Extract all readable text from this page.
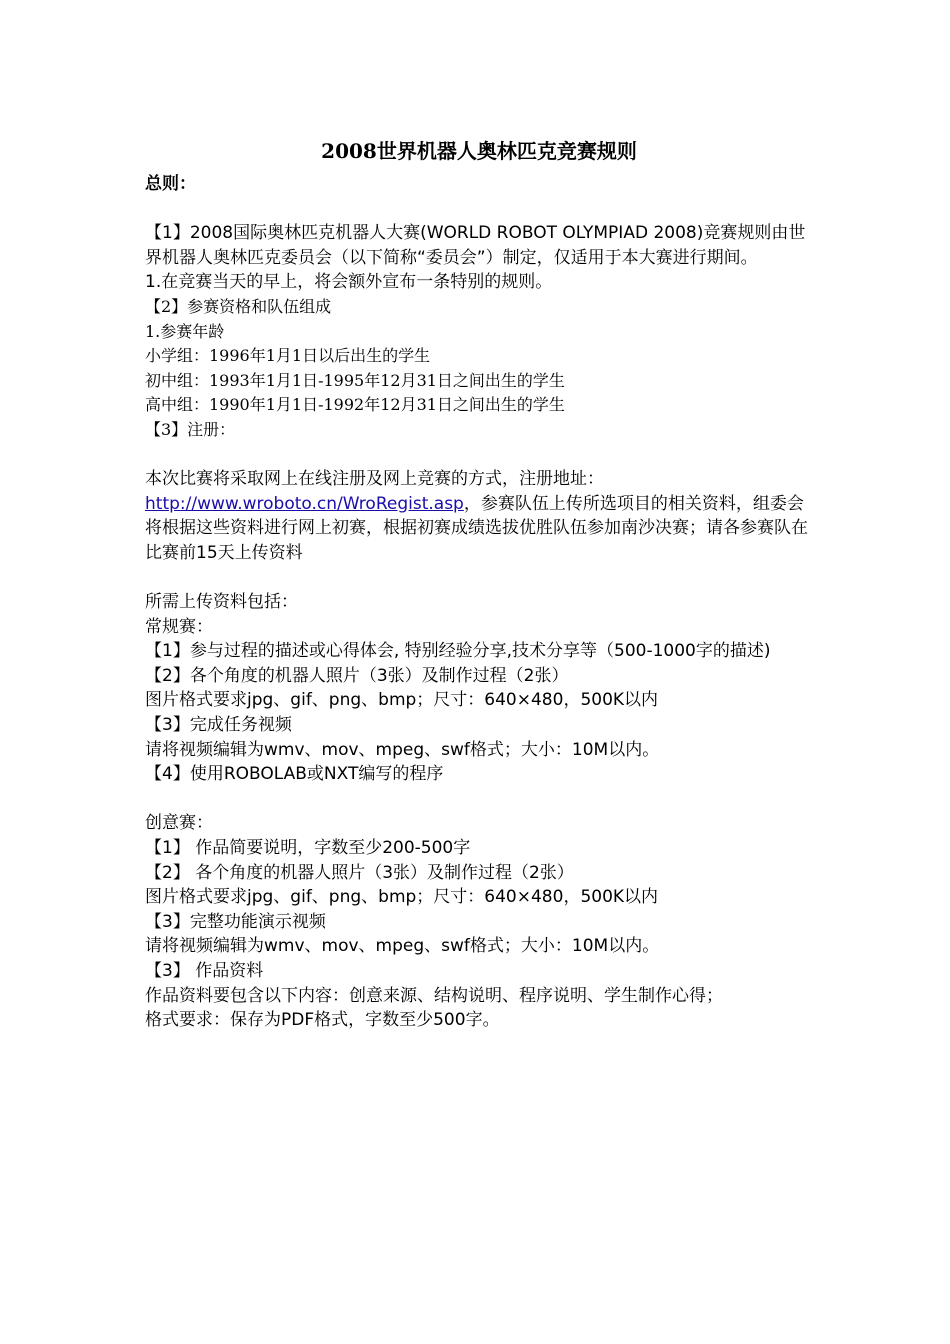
2008世界机器人奥林匹克竞赛规则

总则：

【1】2008国际奥林匹克机器人大赛(WORLD ROBOT OLYMPIAD 2008)竞赛规则由世界机器人奥林匹克委员会（以下简称“委员会”）制定，仅适用于本大赛进行期间。

1.在竞赛当天的早上，将会额外宣布一条特别的规则。

【2】参赛资格和队伍组成

1.参赛年龄

小学组：1996年1月1日以后出生的学生

初中组：1993年1月1日-1995年12月31日之间出生的学生

高中组：1990年1月1日-1992年12月31日之间出生的学生

【3】注册：

本次比赛将采取网上在线注册及网上竞赛的方式，注册地址：http://www.wroboto.cn/WroRegist.asp，参赛队伍上传所选项目的相关资料，组委会将根据这些资料进行网上初赛，根据初赛成绩选拔优胜队伍参加南沙决赛；请各参赛队在比赛前15天上传资料

所需上传资料包括：

常规赛：

【1】参与过程的描述或心得体会, 特别经验分享,技术分享等（500-1000字的描述)

【2】各个角度的机器人照片（3张）及制作过程（2张）

图片格式要求jpg、gif、png、bmp；尺寸：640×480，500K以内

【3】完成任务视频

请将视频编辑为wmv、mov、mpeg、swf格式；大小：10M以内。

【4】使用ROBOLAB或NXT编写的程序

创意赛：

【1】 作品简要说明，字数至少200-500字

【2】 各个角度的机器人照片（3张）及制作过程（2张）

图片格式要求jpg、gif、png、bmp；尺寸：640×480，500K以内

【3】完整功能演示视频

请将视频编辑为wmv、mov、mpeg、swf格式；大小：10M以内。

【3】 作品资料

作品资料要包含以下内容：创意来源、结构说明、程序说明、学生制作心得；

格式要求：保存为PDF格式，字数至少500字。
